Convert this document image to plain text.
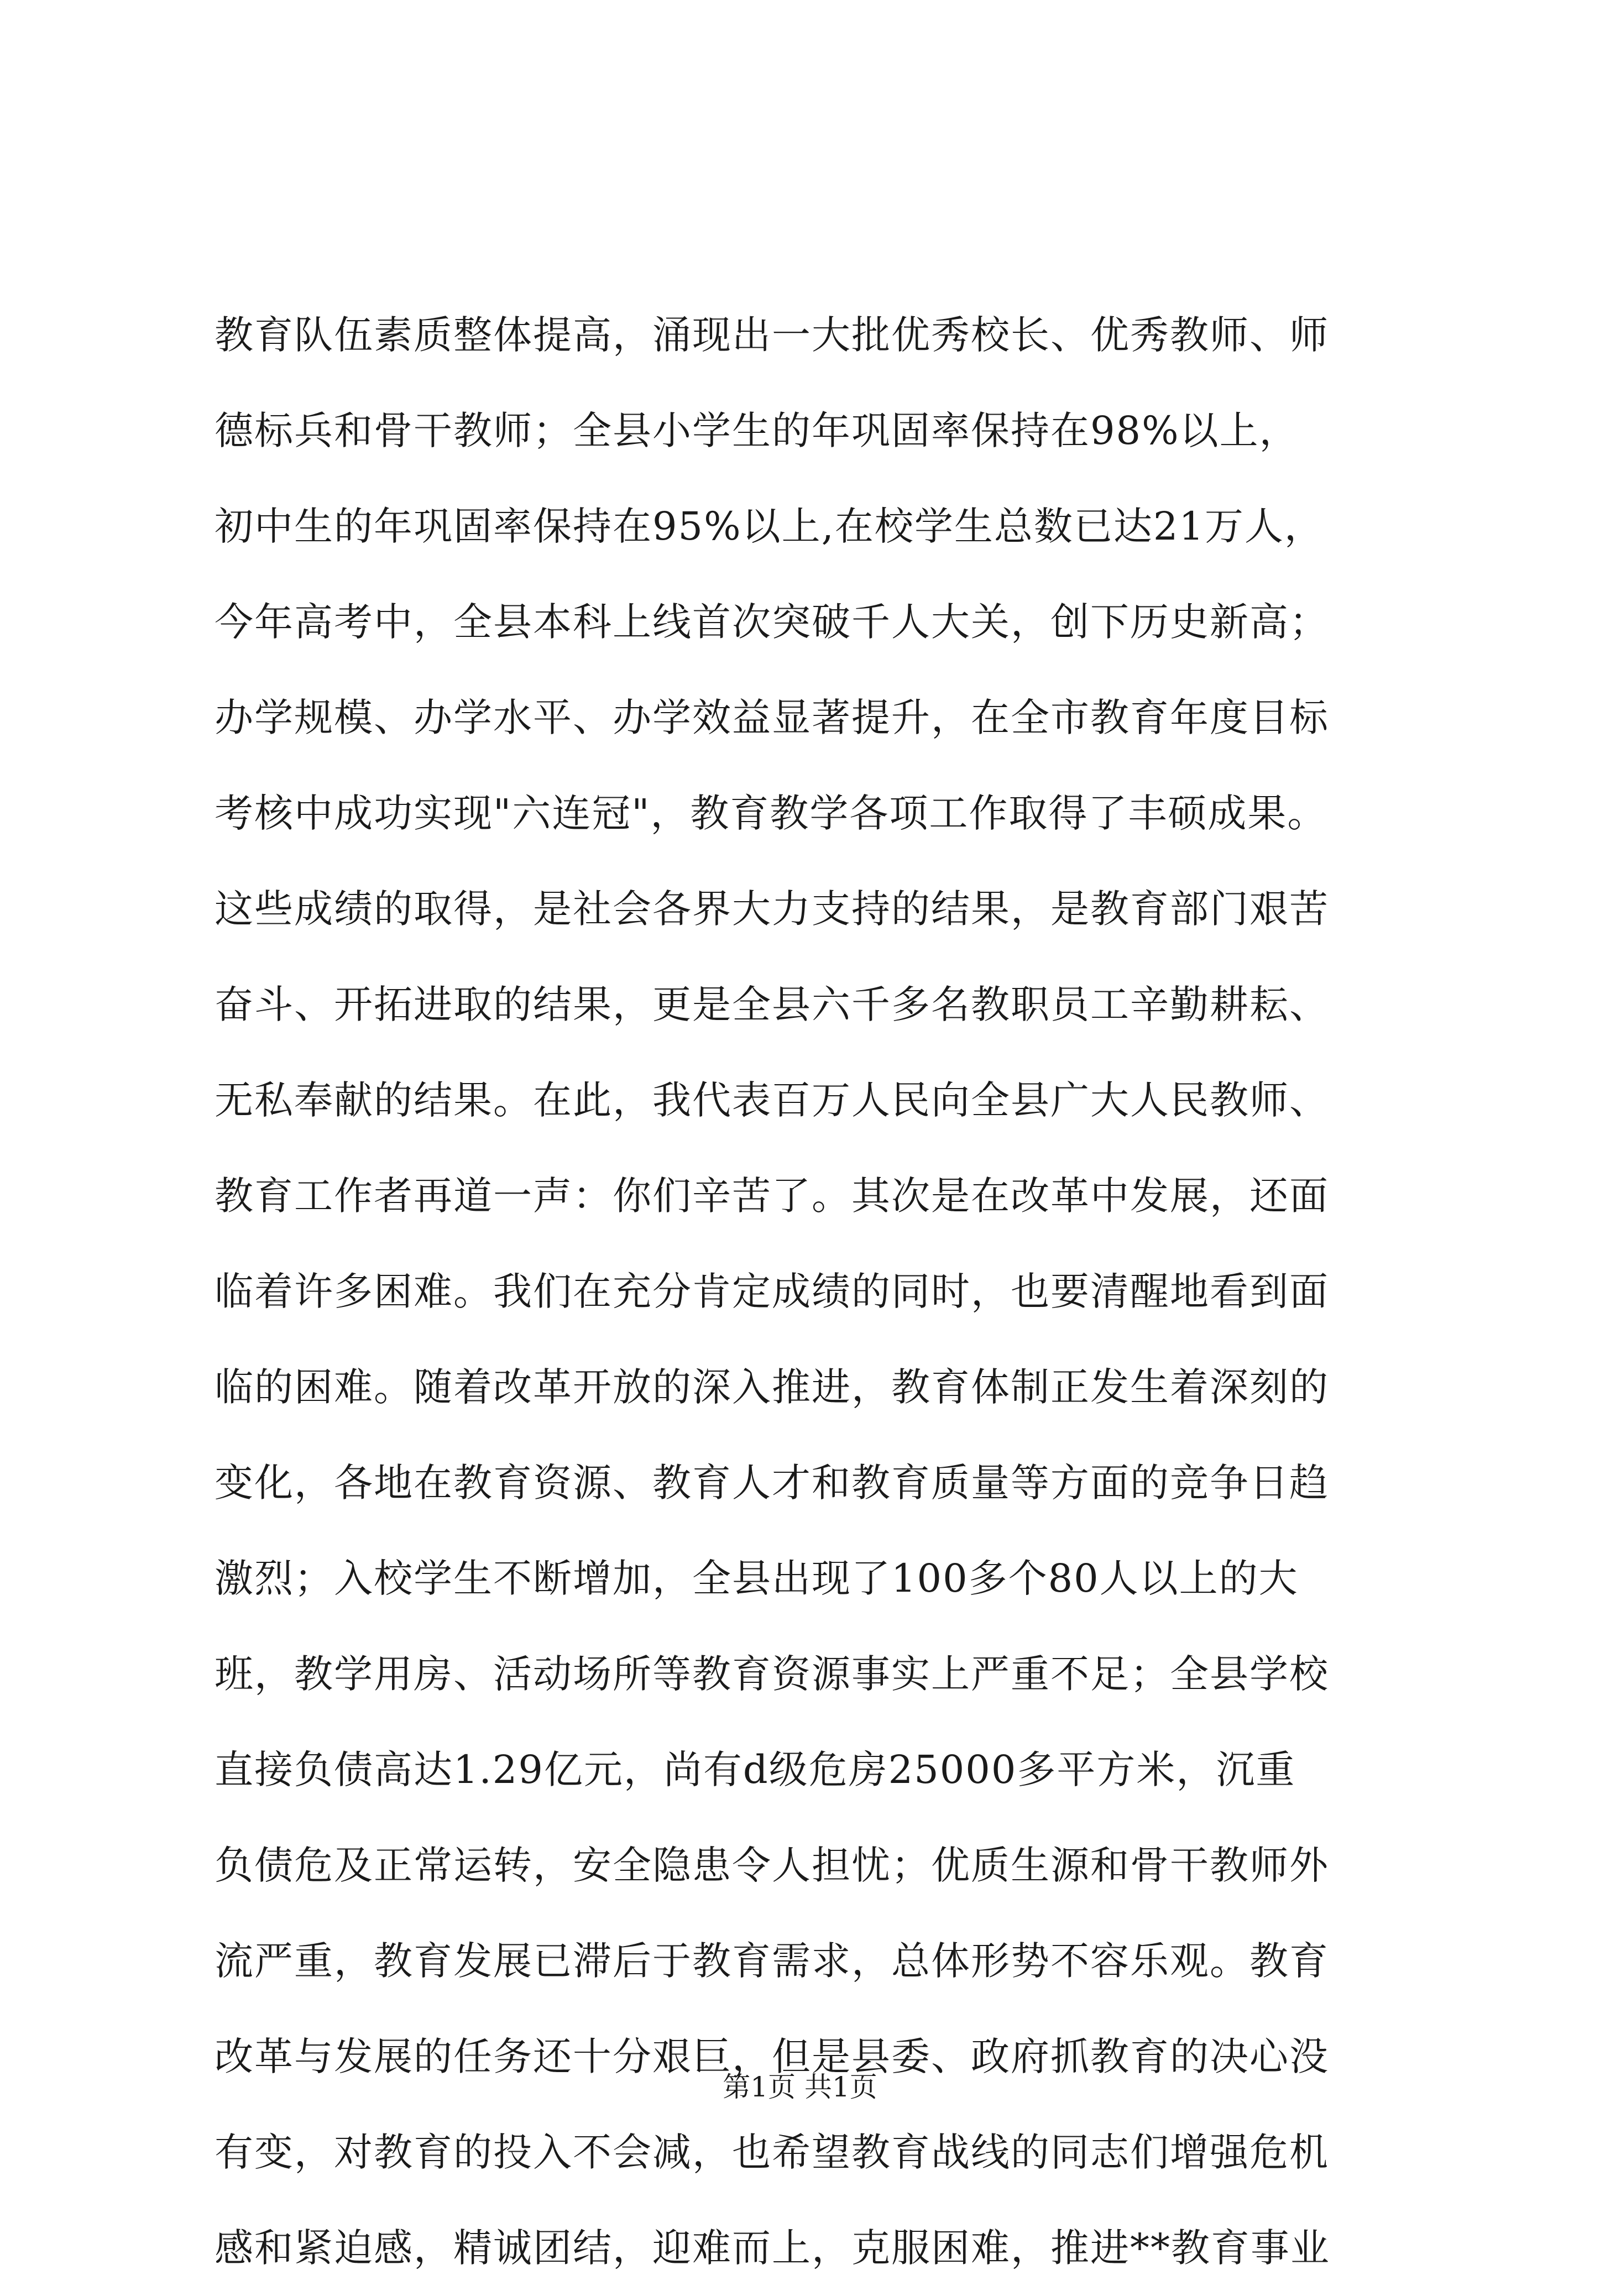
教育队伍素质整体提高，涌现出一大批优秀校长、优秀教师、师
德标兵和骨干教师；全县小学生的年巩固率保持在98%以上，
初中生的年巩固率保持在95%以上,在校学生总数已达21万人，
今年高考中，全县本科上线首次突破千人大关，创下历史新高；
办学规模、办学水平、办学效益显著提升，在全市教育年度目标
考核中成功实现"六连冠"，教育教学各项工作取得了丰硕成果。
这些成绩的取得，是社会各界大力支持的结果，是教育部门艰苦
奋斗、开拓进取的结果，更是全县六千多名教职员工辛勤耕耘、
无私奉献的结果。在此，我代表百万人民向全县广大人民教师、
教育工作者再道一声：你们辛苦了。其次是在改革中发展，还面
临着许多困难。我们在充分肯定成绩的同时，也要清醒地看到面
临的困难。随着改革开放的深入推进，教育体制正发生着深刻的
变化，各地在教育资源、教育人才和教育质量等方面的竞争日趋
激烈；入校学生不断增加，全县出现了100多个80人以上的大
班，教学用房、活动场所等教育资源事实上严重不足；全县学校
直接负债高达1.29亿元，尚有d级危房25000多平方米，沉重
负债危及正常运转，安全隐患令人担忧；优质生源和骨干教师外
流严重，教育发展已滞后于教育需求，总体形势不容乐观。教育
改革与发展的任务还十分艰巨，但是县委、政府抓教育的决心没
有变，对教育的投入不会减，也希望教育战线的同志们增强危机
感和紧迫感，精诚团结，迎难而上，克服困难，推进**教育事业
第1页 共1页
